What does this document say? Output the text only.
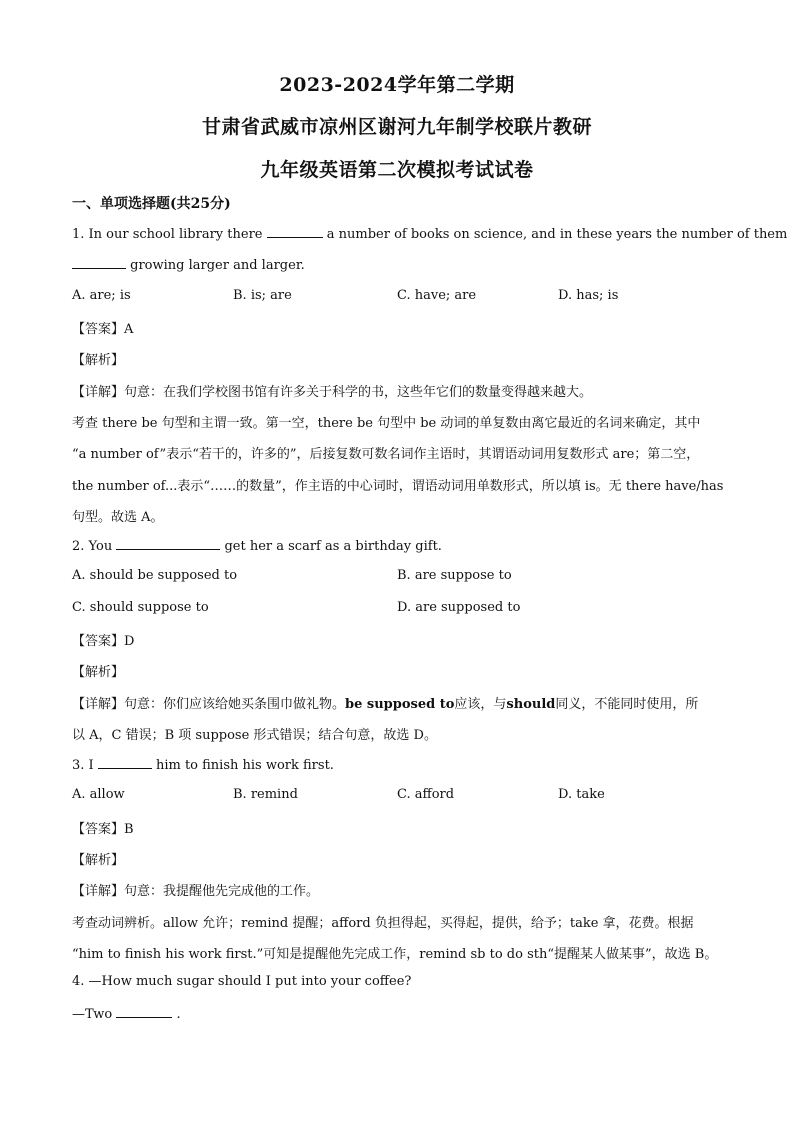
2023-2024学年第二学期
甘肃省武威市凉州区谢河九年制学校联片教研
九年级英语第二次模拟考试试卷
一、单项选择题(共25分)
1. In our school library there	a number of books on science, and in these years the number of them
growing larger and larger.
A. are; is	B. is; are	C. have; are	D. has; is
【答案】A
【解析】
【详解】句意：在我们学校图书馆有许多关于科学的书，这些年它们的数量变得越来越大。
考查 there be 句型和主谓一致。第一空，there be 句型中 be 动词的单复数由离它最近的名词来确定，其中
“a number of”表示“若干的，许多的”，后接复数可数名词作主语时，其谓语动词用复数形式 are；第二空，
the number of...表示“……的数量”，作主语的中心词时，谓语动词用单数形式，所以填 is。无 there have/has
句型。故选 A。
2. You	get her a scarf as a birthday gift.
A. should be supposed to	B. are suppose to
C. should suppose to	D. are supposed to
【答案】D
【解析】
【详解】句意：你们应该给她买条围巾做礼物。be supposed to应该，与should同义，不能同时使用，所
以 A，C 错误；B 项 suppose 形式错误；结合句意，故选 D。
3. I	him to finish his work first.
A. allow	B. remind	C. afford	D. take
【答案】B
【解析】
【详解】句意：我提醒他先完成他的工作。
考查动词辨析。allow 允许；remind 提醒；afford 负担得起，买得起，提供，给予；take 拿，花费。根据
“him to finish his work first.”可知是提醒他先完成工作，remind sb to do sth“提醒某人做某事”，故选 B。
4. —How much sugar should I put into your coffee?
—Two	.
